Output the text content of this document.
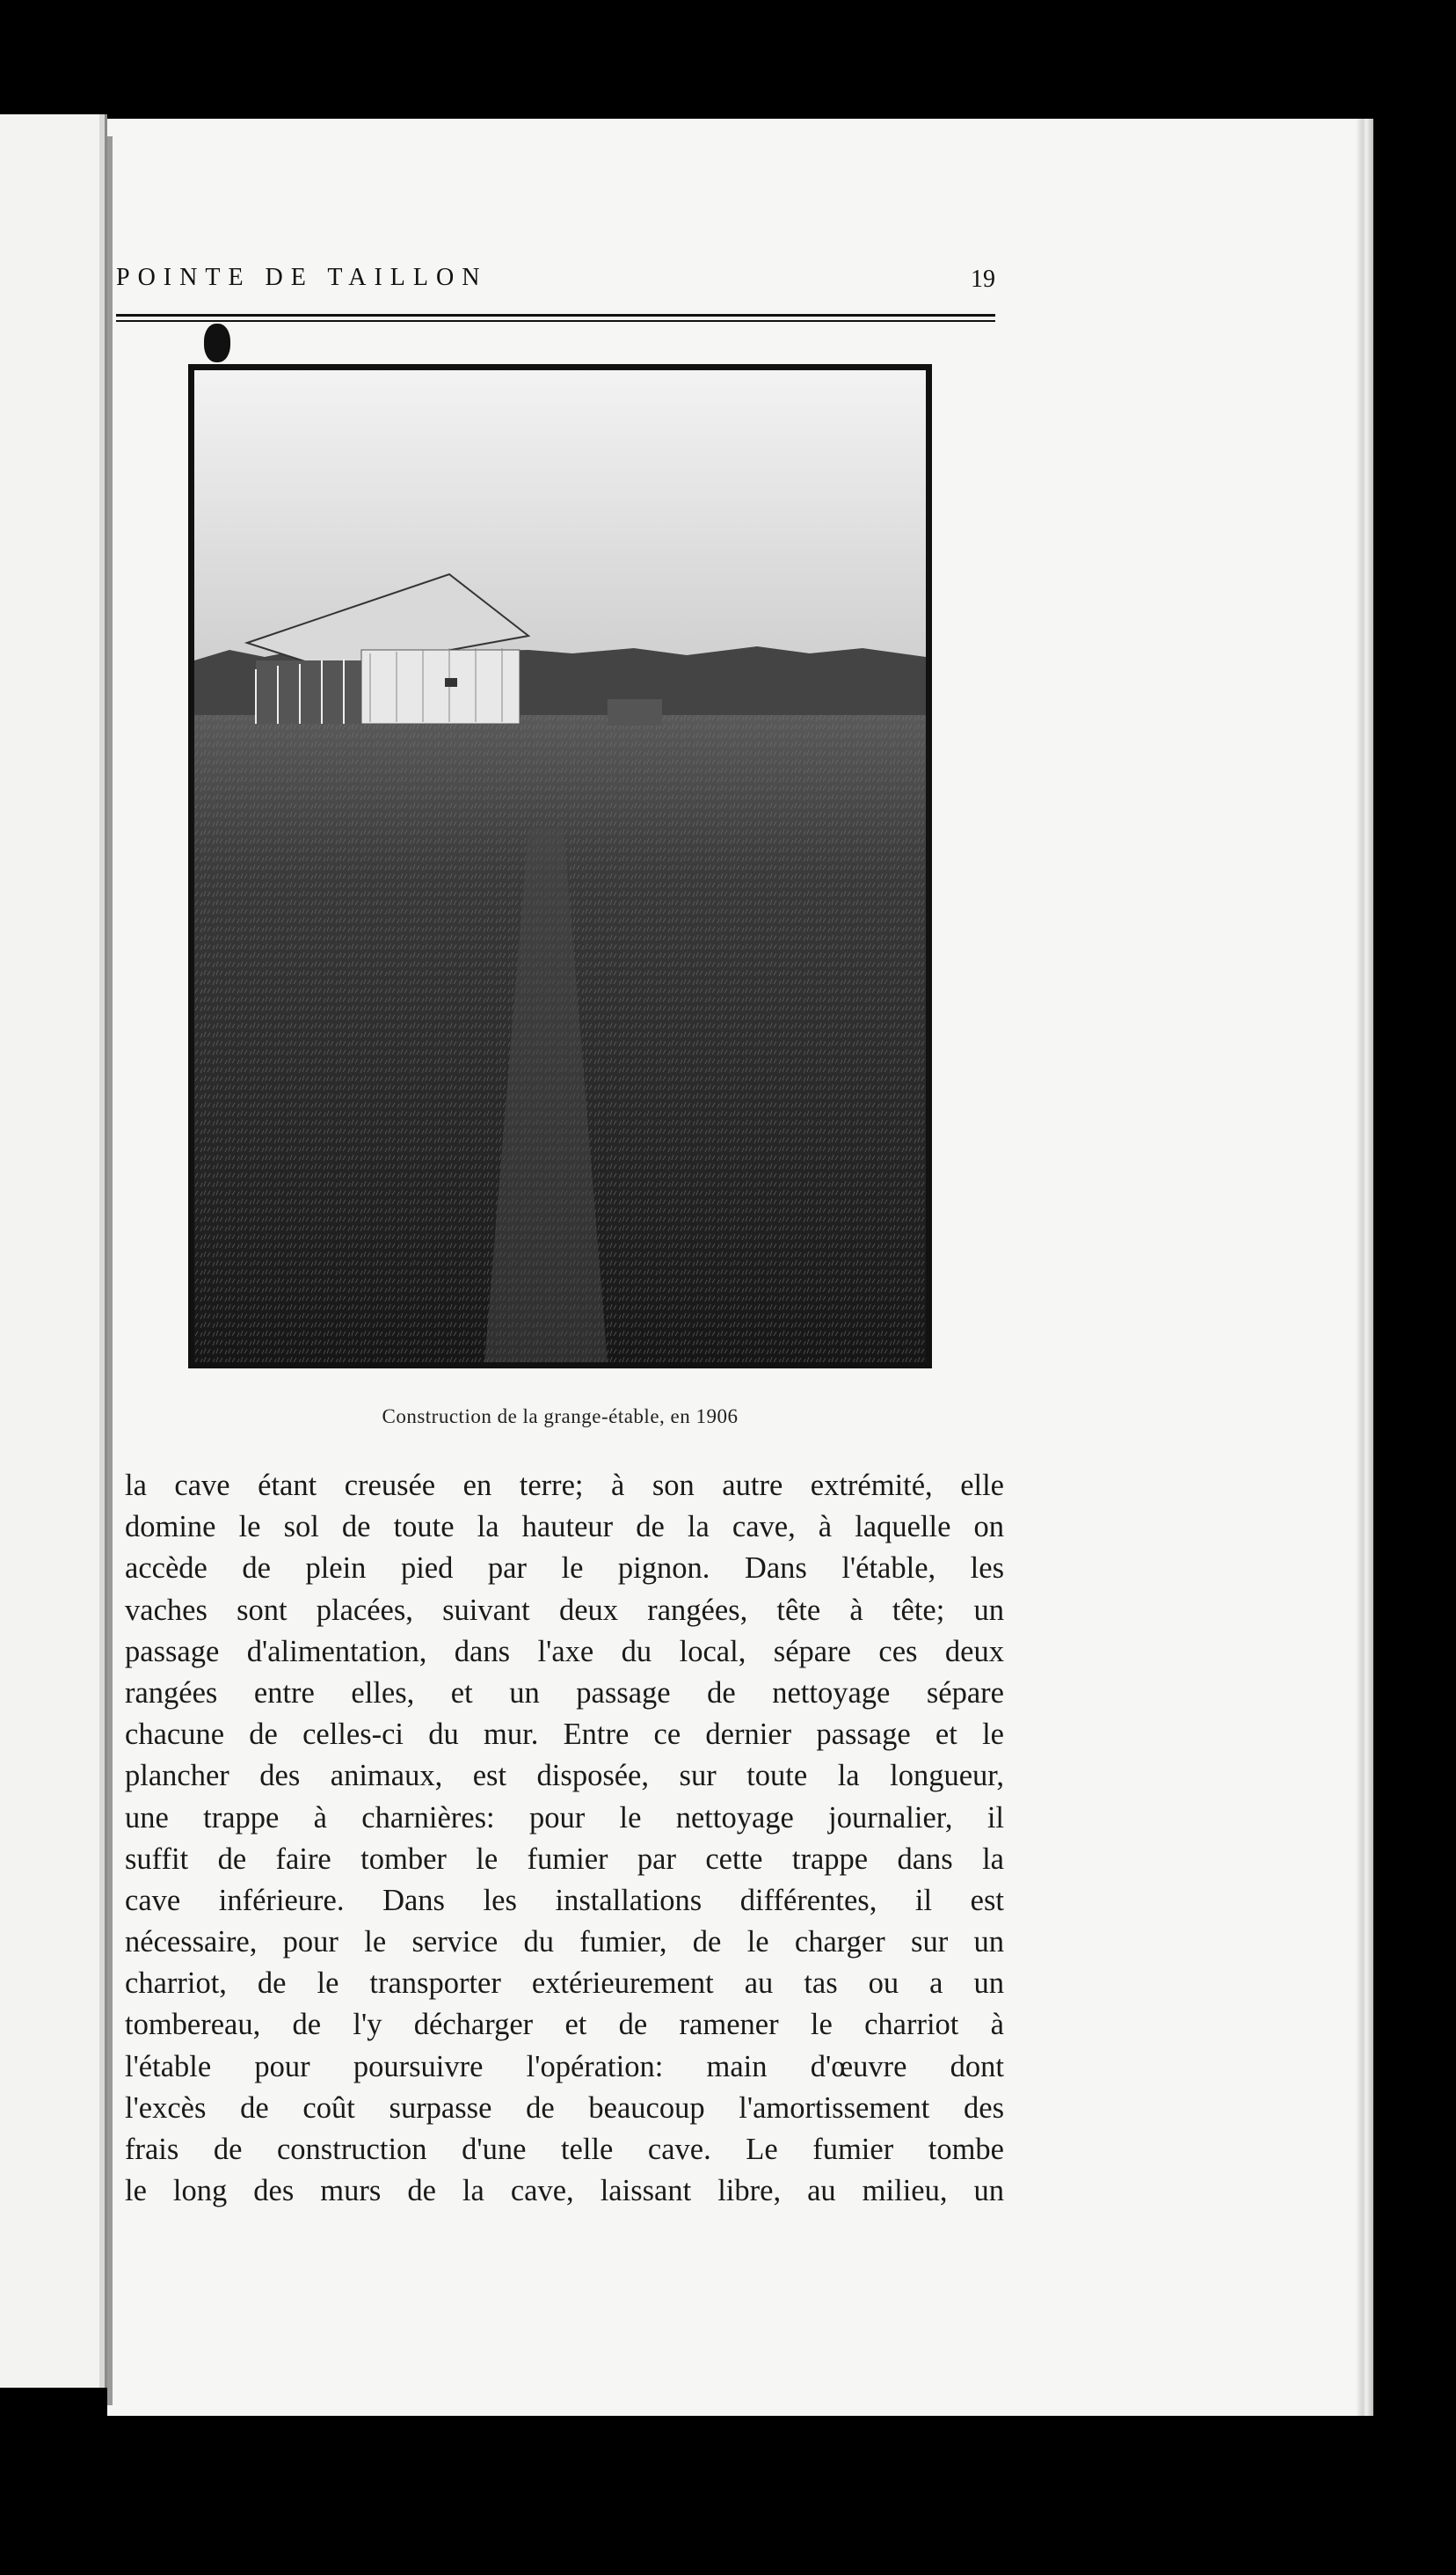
POINTE DE TAILLON	19
Construction de la grange-étable, en 1906
la cave étant creusée en terre; à son autre extrémité, elle
domine le sol de toute la hauteur de la cave, à laquelle on
accède de plein pied par le pignon. Dans l'étable, les
vaches sont placées, suivant deux rangées, tête à tête; un
passage d'alimentation, dans l'axe du local, sépare ces deux
rangées entre elles, et un passage de nettoyage sépare
chacune de celles-ci du mur. Entre ce dernier passage et le
plancher des animaux, est disposée, sur toute la longueur,
une trappe à charnières: pour le nettoyage journalier, il
suffit de faire tomber le fumier par cette trappe dans la
cave inférieure. Dans les installations différentes, il est
nécessaire, pour le service du fumier, de le charger sur un
charriot, de le transporter extérieurement au tas ou a un
tombereau, de l'y décharger et de ramener le charriot à
l'étable pour poursuivre l'opération: main d'œuvre dont
l'excès de coût surpasse de beaucoup l'amortissement des
frais de construction d'une telle cave. Le fumier tombe
le long des murs de la cave, laissant libre, au milieu, un
